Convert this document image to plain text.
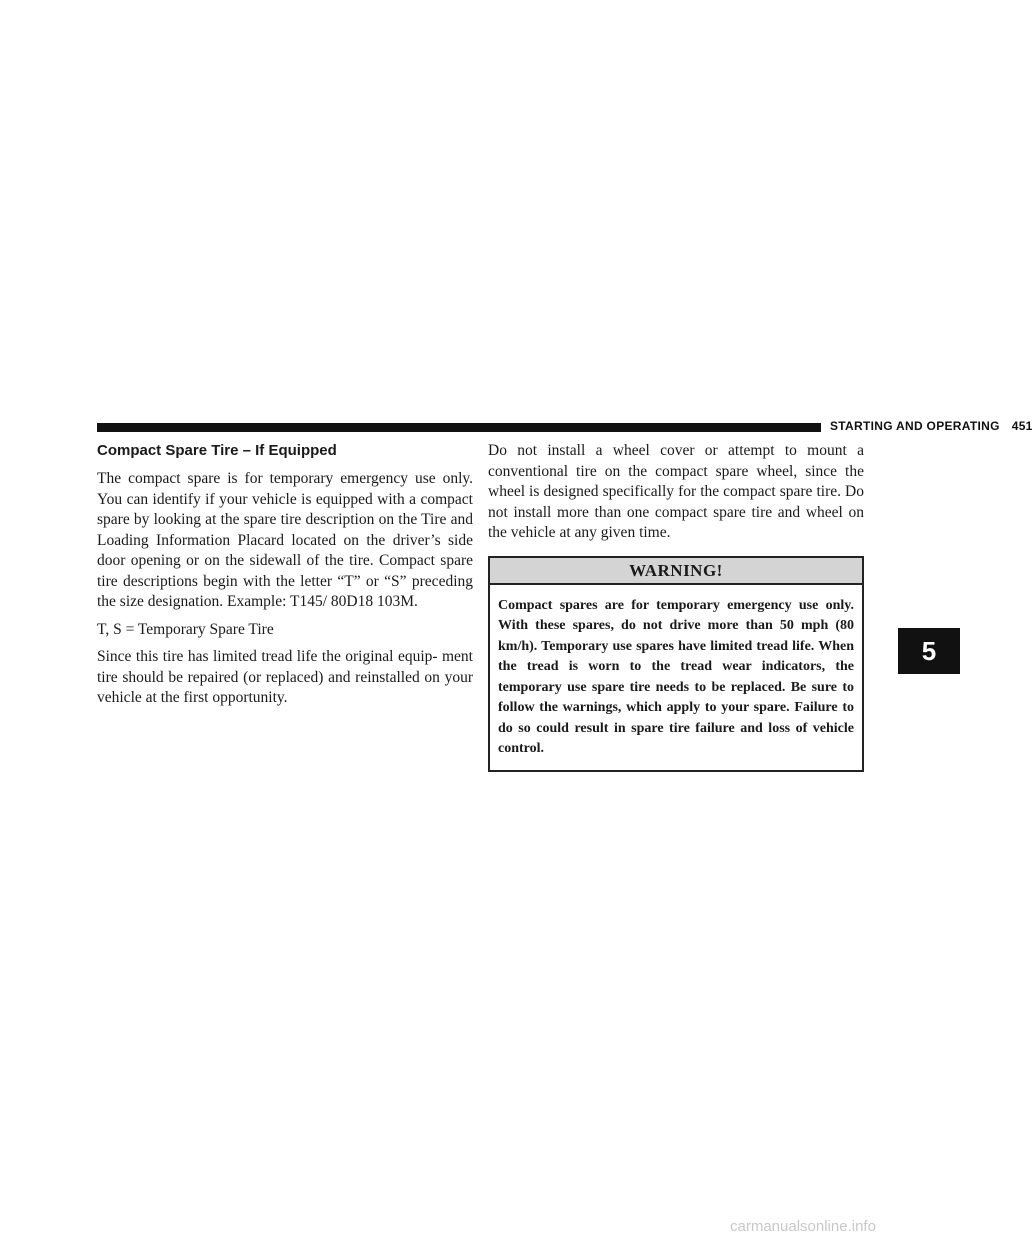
STARTING AND OPERATING 451
Compact Spare Tire – If Equipped

The compact spare is for temporary emergency use only. You can identify if your vehicle is equipped with a compact spare by looking at the spare tire description on the Tire and Loading Information Placard located on the driver’s side door opening or on the sidewall of the tire. Compact spare tire descriptions begin with the letter “T” or “S” preceding the size designation. Example: T145/ 80D18 103M.

T, S = Temporary Spare Tire

Since this tire has limited tread life the original equip- ment tire should be repaired (or replaced) and reinstalled on your vehicle at the first opportunity.

Do not install a wheel cover or attempt to mount a conventional tire on the compact spare wheel, since the wheel is designed specifically for the compact spare tire. Do not install more than one compact spare tire and wheel on the vehicle at any given time.

WARNING!
Compact spares are for temporary emergency use only. With these spares, do not drive more than 50 mph (80 km/h). Temporary use spares have limited tread life. When the tread is worn to the tread wear indicators, the temporary use spare tire needs to be replaced. Be sure to follow the warnings, which apply to your spare. Failure to do so could result in spare tire failure and loss of vehicle control.
5
carmanualsonline.info
